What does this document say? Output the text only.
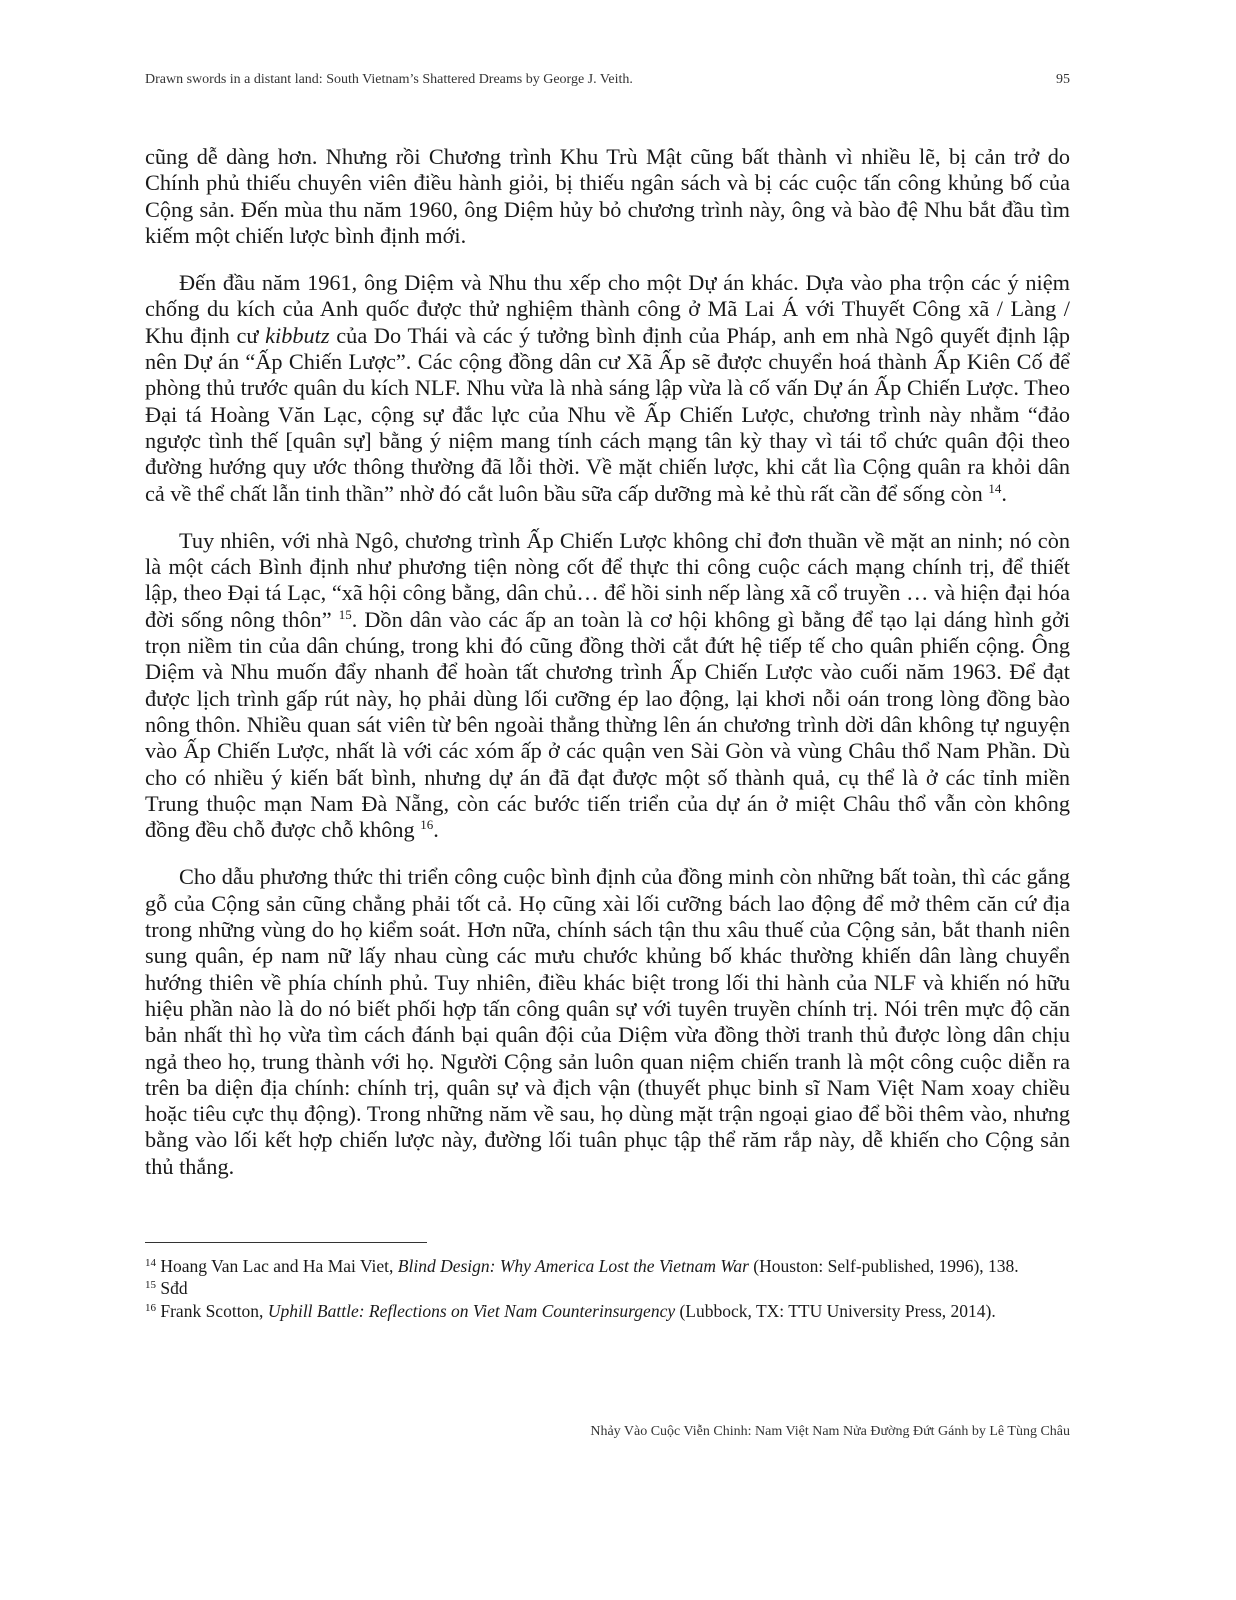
Drawn swords in a distant land: South Vietnam’s Shattered Dreams by George J. Veith.	95

cũng dễ dàng hơn. Nhưng rồi Chương trình Khu Trù Mật cũng bất thành vì nhiều lẽ, bị cản trở do Chính phủ thiếu chuyên viên điều hành giỏi, bị thiếu ngân sách và bị các cuộc tấn công khủng bố của Cộng sản. Đến mùa thu năm 1960, ông Diệm hủy bỏ chương trình này, ông và bào đệ Nhu bắt đầu tìm kiếm một chiến lược bình định mới.

Đến đầu năm 1961, ông Diệm và Nhu thu xếp cho một Dự án khác. Dựa vào pha trộn các ý niệm chống du kích của Anh quốc được thử nghiệm thành công ở Mã Lai Á với Thuyết Công xã / Làng / Khu định cư kibbutz của Do Thái và các ý tưởng bình định của Pháp, anh em nhà Ngô quyết định lập nên Dự án “Ấp Chiến Lược”. Các cộng đồng dân cư Xã Ấp sẽ được chuyển hoá thành Ấp Kiên Cố để phòng thủ trước quân du kích NLF. Nhu vừa là nhà sáng lập vừa là cố vấn Dự án Ấp Chiến Lược. Theo Đại tá Hoàng Văn Lạc, cộng sự đắc lực của Nhu về Ấp Chiến Lược, chương trình này nhằm “đảo ngược tình thế [quân sự] bằng ý niệm mang tính cách mạng tân kỳ thay vì tái tổ chức quân đội theo đường hướng quy ước thông thường đã lỗi thời. Về mặt chiến lược, khi cắt lìa Cộng quân ra khỏi dân cả về thể chất lẫn tinh thần” nhờ đó cắt luôn bầu sữa cấp dưỡng mà kẻ thù rất cần để sống còn $^{14}$.

Tuy nhiên, với nhà Ngô, chương trình Ấp Chiến Lược không chỉ đơn thuần về mặt an ninh; nó còn là một cách Bình định như phương tiện nòng cốt để thực thi công cuộc cách mạng chính trị, để thiết lập, theo Đại tá Lạc, “xã hội công bằng, dân chủ… để hồi sinh nếp làng xã cổ truyền … và hiện đại hóa đời sống nông thôn” $^{15}$. Dồn dân vào các ấp an toàn là cơ hội không gì bằng để tạo lại dáng hình gởi trọn niềm tin của dân chúng, trong khi đó cũng đồng thời cắt đứt hệ tiếp tế cho quân phiến cộng. Ông Diệm và Nhu muốn đẩy nhanh để hoàn tất chương trình Ấp Chiến Lược vào cuối năm 1963. Để đạt được lịch trình gấp rút này, họ phải dùng lối cưỡng ép lao động, lại khơi nỗi oán trong lòng đồng bào nông thôn. Nhiều quan sát viên từ bên ngoài thẳng thừng lên án chương trình dời dân không tự nguyện vào Ấp Chiến Lược, nhất là với các xóm ấp ở các quận ven Sài Gòn và vùng Châu thổ Nam Phần. Dù cho có nhiều ý kiến bất bình, nhưng dự án đã đạt được một số thành quả, cụ thể là ở các tỉnh miền Trung thuộc mạn Nam Đà Nẵng, còn các bước tiến triển của dự án ở miệt Châu thổ vẫn còn không đồng đều chỗ được chỗ không $^{16}$.

Cho dẫu phương thức thi triển công cuộc bình định của đồng minh còn những bất toàn, thì các gắng gỗ của Cộng sản cũng chẳng phải tốt cả. Họ cũng xài lối cưỡng bách lao động để mở thêm căn cứ địa trong những vùng do họ kiểm soát. Hơn nữa, chính sách tận thu xâu thuế của Cộng sản, bắt thanh niên sung quân, ép nam nữ lấy nhau cùng các mưu chước khủng bố khác thường khiến dân làng chuyển hướng thiên về phía chính phủ. Tuy nhiên, điều khác biệt trong lối thi hành của NLF và khiến nó hữu hiệu phần nào là do nó biết phối hợp tấn công quân sự với tuyên truyền chính trị. Nói trên mực độ căn bản nhất thì họ vừa tìm cách đánh bại quân đội của Diệm vừa đồng thời tranh thủ được lòng dân chịu ngả theo họ, trung thành với họ. Người Cộng sản luôn quan niệm chiến tranh là một công cuộc diễn ra trên ba diện địa chính: chính trị, quân sự và địch vận (thuyết phục binh sĩ Nam Việt Nam xoay chiều hoặc tiêu cực thụ động). Trong những năm về sau, họ dùng mặt trận ngoại giao để bồi thêm vào, nhưng bằng vào lối kết hợp chiến lược này, đường lối tuân phục tập thể răm rắp này, dễ khiến cho Cộng sản thủ thắng.

$^{14}$ Hoang Van Lac and Ha Mai Viet, Blind Design: Why America Lost the Vietnam War (Houston: Self-published, 1996), 138.

$^{15}$ Sđd

$^{16}$ Frank Scotton, Uphill Battle: Reflections on Viet Nam Counterinsurgency (Lubbock, TX: TTU University Press, 2014).

Nhảy Vào Cuộc Viễn Chinh: Nam Việt Nam Nửa Đường Đứt Gánh by Lê Tùng Châu
